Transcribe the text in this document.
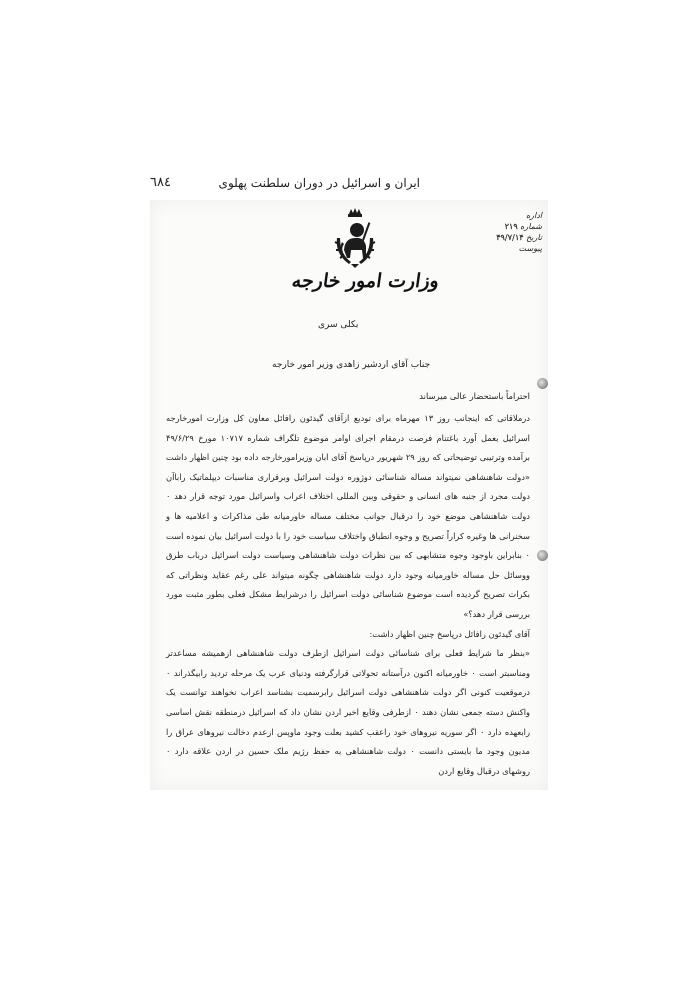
ایران و اسرائیل در دوران سلطنت پهلوی
٦٨٤
وزارت امور خارجه
اداره
شماره ۲۱۹
تاریخ ۴۹/۷/۱۴
پیوست
بکلی سری
جناب آقای اردشیر زاهدی وزیر امور خارجه
احتراماً باستحضار عالی میرساند

درملاقاتی که اینجانب روز ۱۳ مهرماه برای تودیع ازآقای گیدئون رافائل معاون کل وزارت امورخارجه اسرائیل بعمل آورد باغتنام فرصت درمقام اجرای اوامر موضوع تلگراف شماره ۱۰۷۱۷ مورخ ۴۹/۶/۲۹ برآمده وترتیبی توضیحاتی که روز ۲۹ شهریور درپاسخ آقای ابان وزیرامورخارجه داده بود چنین اظهار داشت «دولت شاهنشاهی نمیتواند مساله شناسائی دوژوره دولت اسرائیل وبرقراری مناسبات دیپلماتیک راباآن دولت مجرد از جنبه های انسانی و حقوقی وبین المللی اختلاف اعراب واسرائیل مورد توجه قرار دهد ٠ دولت شاهنشاهی موضع خود را درقبال جوانب مختلف مساله خاورمیانه طی مذاکرات و اعلامیه ها و سخنرانی ها وغیره کراراً تصریح و وجوه انطباق واختلاف سیاست خود را با دولت اسرائیل بیان نموده است ٠ بنابراین باوجود وجوه متشابهی که بین نظرات دولت شاهنشاهی وسیاست دولت اسرائیل درباب طرق ووسائل حل مساله خاورمیانه وجود دارد دولت شاهنشاهی چگونه میتواند علی رغم عقاید ونظراتی که بکرات تصریح گردیده است موضوع شناسائی دولت اسرائیل را درشرایط مشکل فعلی بطور مثبت مورد بررسی قرار دهد؟»

آقای گیدئون رافائل درپاسخ چنین اظهار داشت:

«بنظر ما شرایط فعلی برای شناسائی دولت اسرائیل ازطرف دولت شاهنشاهی ازهمیشه مساعدتر ومناسبتر است ٠ خاورمیانه اکنون درآستانه تحولاتی قرارگرفته ودنیای عرب یک مرحله تردید رابیگذراند ٠ درموقعیت کنونی اگر دولت شاهنشاهی دولت اسرائیل رابرسمیت بشناسد اعراب نخواهند توانست یک واکنش دسته جمعی نشان دهند ٠ ازطرفی وقایع اخیر اردن نشان داد که اسرائیل درمنطقه نقش اساسی رابعهده دارد ٠ اگر سوریه نیروهای خود راعقب کشید بعلت وجود ماوپس ازعدم دخالت نیروهای عراق را مدیون وجود ما بایستی دانست ٠ دولت شاهنشاهی به حفظ رژیم ملک حسین در اردن علاقه دارد ٠ روشهای درقبال وقایع اردن
